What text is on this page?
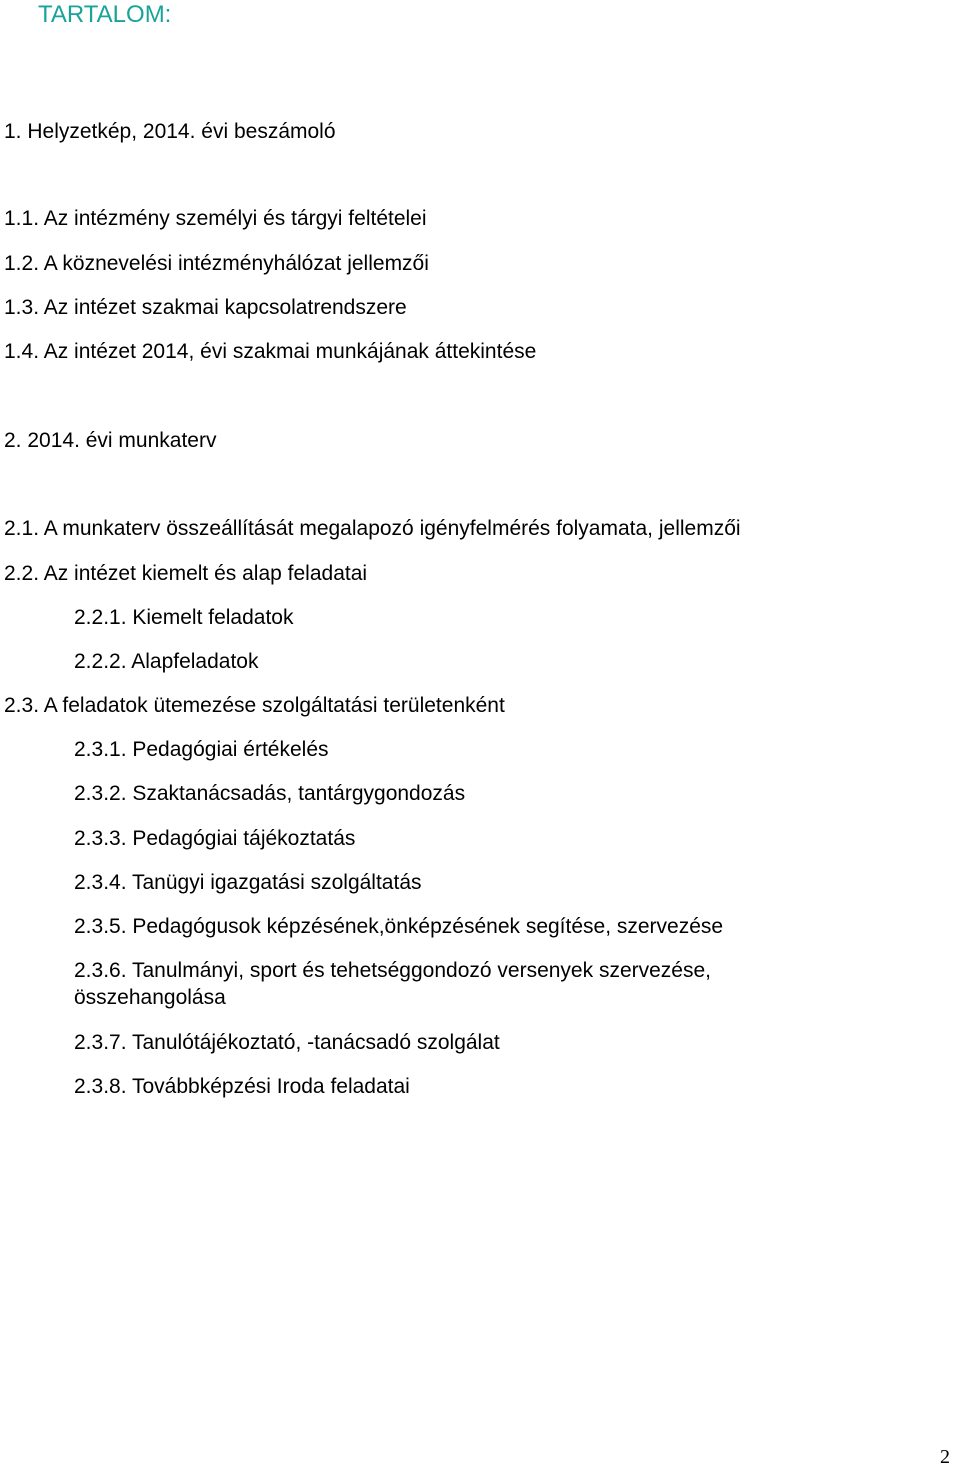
TARTALOM:

1. Helyzetkép, 2014. évi beszámoló

1.1. Az intézmény személyi és tárgyi feltételei

1.2. A köznevelési intézményhálózat jellemzői

1.3. Az intézet szakmai kapcsolatrendszere

1.4. Az intézet 2014, évi szakmai munkájának áttekintése

2. 2014. évi munkaterv

2.1. A munkaterv összeállítását megalapozó igényfelmérés folyamata, jellemzői

2.2. Az intézet kiemelt és alap feladatai

2.2.1. Kiemelt feladatok

2.2.2. Alapfeladatok

2.3. A feladatok ütemezése szolgáltatási területenként

2.3.1. Pedagógiai értékelés

2.3.2. Szaktanácsadás, tantárgygondozás

2.3.3. Pedagógiai tájékoztatás

2.3.4. Tanügyi igazgatási szolgáltatás

2.3.5. Pedagógusok képzésének,önképzésének segítése, szervezése

2.3.6. Tanulmányi, sport és tehetséggondozó versenyek szervezése, összehangolása

2.3.7. Tanulótájékoztató, -tanácsadó szolgálat

2.3.8. Továbbképzési Iroda feladatai

2
